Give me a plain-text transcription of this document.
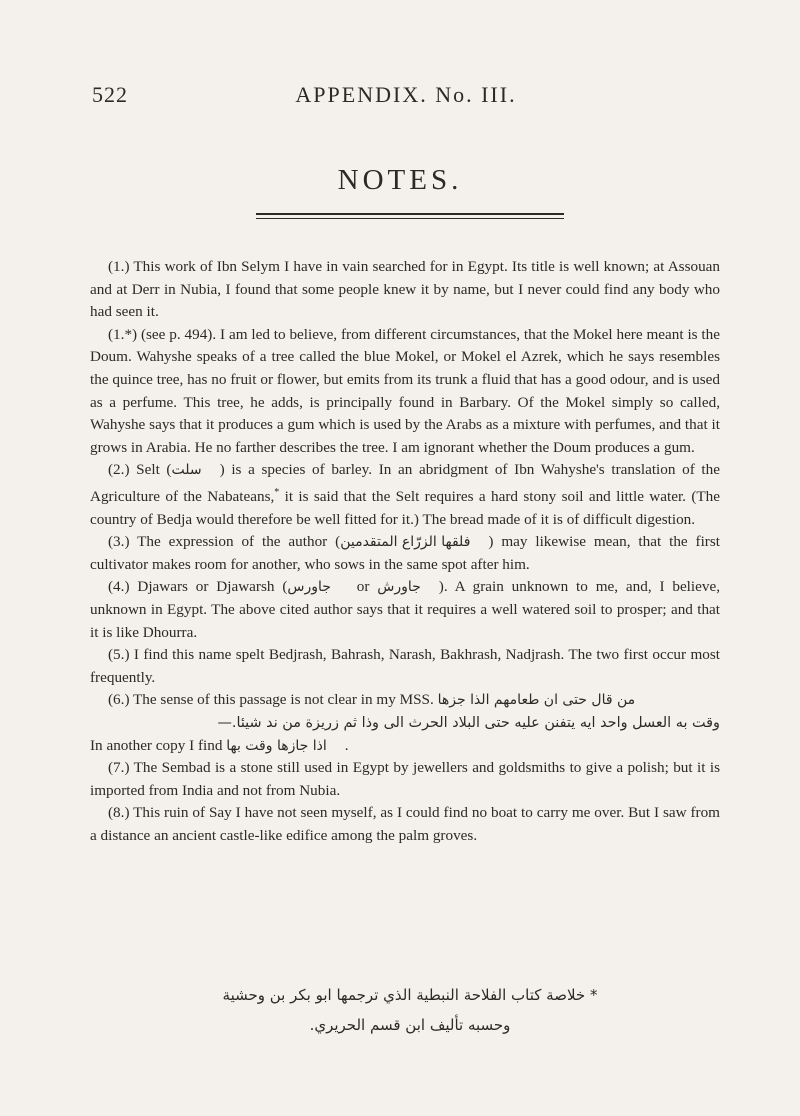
522	APPENDIX. No. III.
NOTES.

(1.) This work of Ibn Selym I have in vain searched for in Egypt. Its title is well known; at Assouan and at Derr in Nubia, I found that some people knew it by name, but I never could find any body who had seen it.

(1.*) (see p. 494). I am led to believe, from different circumstances, that the Mokel here meant is the Doum. Wahyshe speaks of a tree called the blue Mokel, or Mokel el Azrek, which he says resembles the quince tree, has no fruit or flower, but emits from its trunk a fluid that has a good odour, and is used as a perfume. This tree, he adds, is principally found in Barbary. Of the Mokel simply so called, Wahyshe says that it produces a gum which is used by the Arabs as a mixture with perfumes, and that it grows in Arabia. He no farther describes the tree. I am ignorant whether the Doum produces a gum.

(2.) Selt (سلت ) is a species of barley. In an abridgment of Ibn Wahyshe's translation of the Agriculture of the Nabateans,* it is said that the Selt requires a hard stony soil and little water. (The country of Bedja would therefore be well fitted for it.) The bread made of it is of difficult digestion.

(3.) The expression of the author (فلقها الزرّاع المتقدمين ) may likewise mean, that the first cultivator makes room for another, who sows in the same spot after him.

(4.) Djawars or Djawarsh (جاورس or جاورش ). A grain unknown to me, and, I believe, unknown in Egypt. The above cited author says that it requires a well watered soil to prosper; and that it is like Dhourra.

(5.) I find this name spelt Bedjrash, Bahrash, Narash, Bakhrash, Nadjrash. The two first occur most frequently.

(6.) The sense of this passage is not clear in my MSS. من قال حتى ان طعامهم الذا جزها
وقت به العسل واحد ايه يتفنن عليه حتى البلاد الحرث الى وذا ثم زريزة من ند شيئا.—
In another copy I find اذا جازها وقت بها .

(7.) The Sembad is a stone still used in Egypt by jewellers and goldsmiths to give a polish; but it is imported from India and not from Nubia.

(8.) This ruin of Say I have not seen myself, as I could find no boat to carry me over. But I saw from a distance an ancient castle-like edifice among the palm groves.

* خلاصة كتاب الفلاحة النبطية الذي ترجمها ابو بكر بن وحشية
وحسبه تأليف ابن قسم الحريري.
